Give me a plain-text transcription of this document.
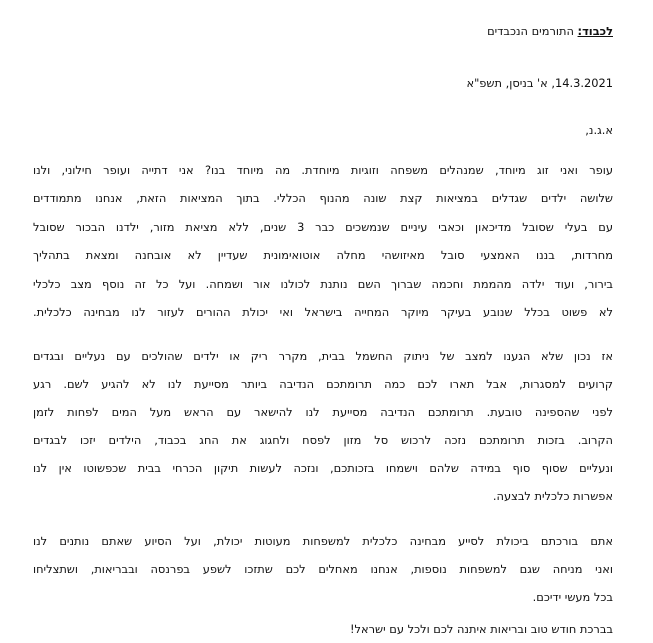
לכבוד: התורמים הנכבדים
14.3.2021, א' בניסן, תשפ"א
א.ג.נ,
עופר ואני זוג מיוחד, שמנהלים משפחה וזוגיות מיוחדת. מה מיוחד בנו? אני דתייה ועופר חילוני, ולנו
שלושה ילדים שגדלים במציאות קצת שונה מהנוף הכללי. בתוך המציאות הזאת, אנחנו מתמודדים
עם בעלי שסובל מדיכאון וכאבי עיניים שנמשכים כבר 3 שנים, ללא מציאת מזור, ילדנו הבכור שסובל
מחרדות, בננו האמצעי סובל מאיזושהי מחלה אוטואימונית שעדיין לא אובחנה ומצאת בתהליך
בירור, ועוד ילדה מהממת וחכמה שברוך השם נותנת לכולנו אור ושמחה. ועל כל זה נוסף מצב כלכלי
לא פשוט בכלל שנובע בעיקר מיוקר המחייה בישראל ואי יכולת ההורים לעזור לנו מבחינה כלכלית.
אז נכון שלא הגענו למצב של ניתוק החשמל בבית, מקרר ריק או ילדים שהולכים עם נעליים ובגדים
קרועים למסגרות, אבל תארו לכם כמה תרומתכם הנדיבה ביותר מסייעת לנו לא להגיע לשם. רגע
לפני שהספינה טובעת. תרומתכם הנדיבה מסייעת לנו להישאר עם הראש מעל המים לפחות לזמן
הקרוב. בזכות תרומתכם נזכה לרכוש סל מזון לפסח ולחגוג את החג בכבוד, הילדים יזכו לבגדים
ונעליים שסוף סוף במידה שלהם וישמחו בזכותכם, ונזכה לעשות תיקון הכרחי בבית שכפשוטו אין לנו
אפשרות כלכלית לבצעה.
אתם בורכתם ביכולת לסייע מבחינה כלכלית למשפחות מעוטות יכולת, ועל הסיוע שאתם נותנים לנו
ואני מניחה שגם למשפחות נוספות, אנחנו מאחלים לכם שתזכו לשפע בפרנסה ובבריאות, ושתצליחו
בכל מעשי ידיכם.
בברכת חודש טוב ובריאות איתנה לכם ולכל עם ישראל!
